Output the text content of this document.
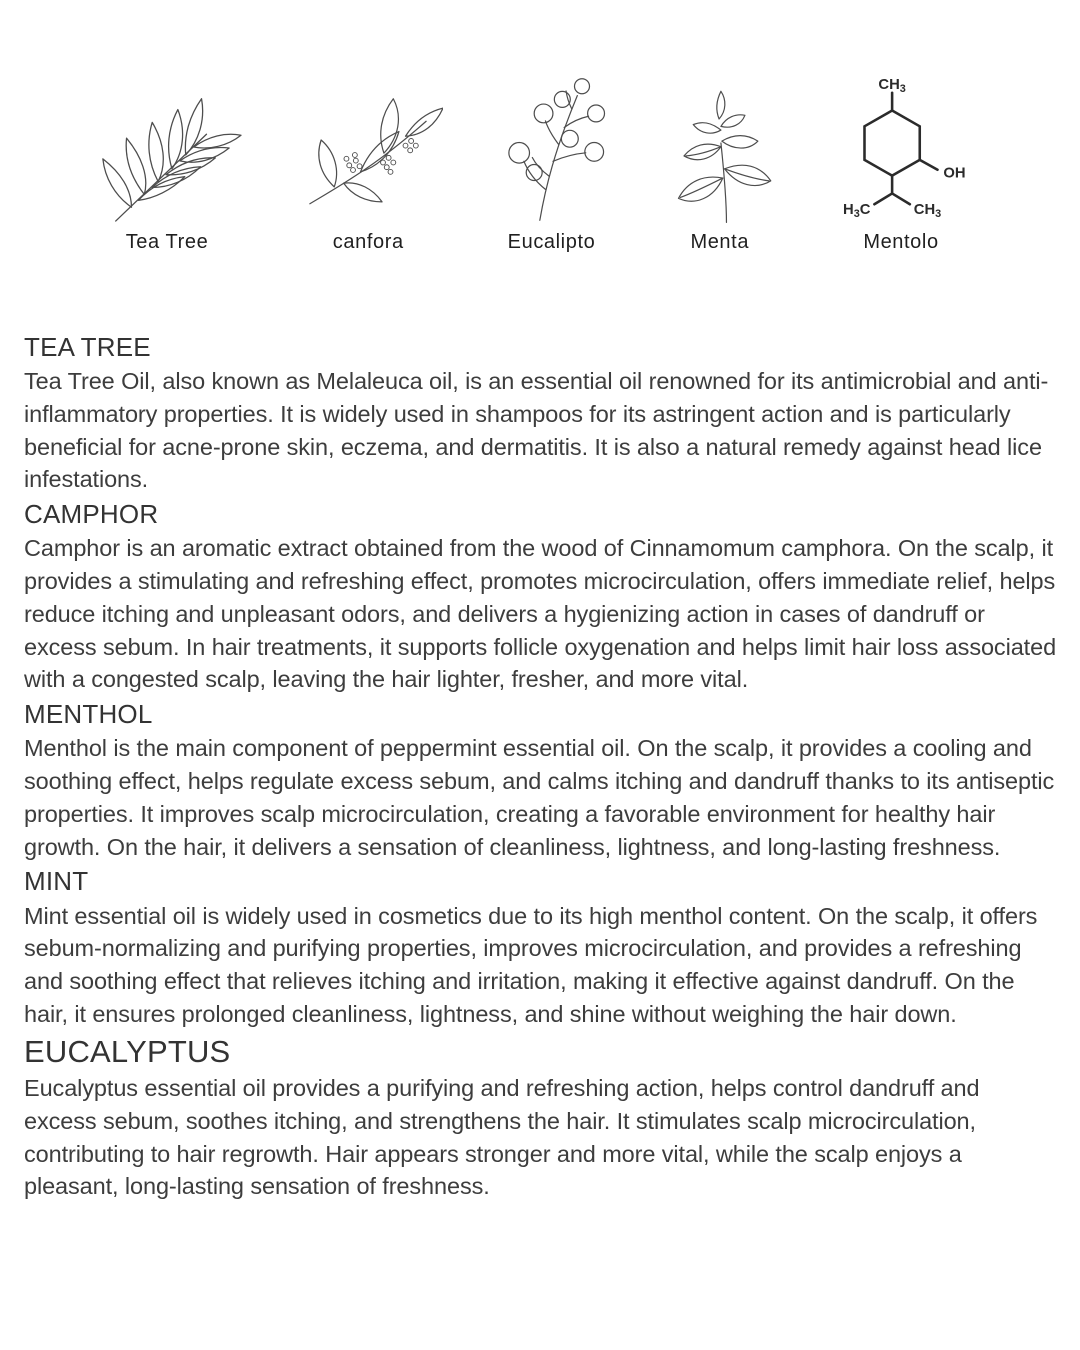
Tea Tree	canfora	Eucalipto	Menta
$CH_3$
OH
$H_3C$	$CH_3$
Mentolo
TEA TREE

Tea Tree Oil, also known as Melaleuca oil, is an essential oil renowned for its antimicrobial and anti-inflammatory properties. It is widely used in shampoos for its astringent action and is particularly beneficial for acne-prone skin, eczema, and dermatitis. It is also a natural remedy against head lice infestations.

CAMPHOR

Camphor is an aromatic extract obtained from the wood of Cinnamomum camphora. On the scalp, it provides a stimulating and refreshing effect, promotes microcirculation, offers immediate relief, helps reduce itching and unpleasant odors, and delivers a hygienizing action in cases of dandruff or excess sebum. In hair treatments, it supports follicle oxygenation and helps limit hair loss associated with a congested scalp, leaving the hair lighter, fresher, and more vital.

MENTHOL

Menthol is the main component of peppermint essential oil. On the scalp, it provides a cooling and soothing effect, helps regulate excess sebum, and calms itching and dandruff thanks to its antiseptic properties. It improves scalp microcirculation, creating a favorable environment for healthy hair growth. On the hair, it delivers a sensation of cleanliness, lightness, and long-lasting freshness.

MINT

Mint essential oil is widely used in cosmetics due to its high menthol content. On the scalp, it offers sebum-normalizing and purifying properties, improves microcirculation, and provides a refreshing and soothing effect that relieves itching and irritation, making it effective against dandruff. On the hair, it ensures prolonged cleanliness, lightness, and shine without weighing the hair down.

EUCALYPTUS

Eucalyptus essential oil provides a purifying and refreshing action, helps control dandruff and excess sebum, soothes itching, and strengthens the hair. It stimulates scalp microcirculation, contributing to hair regrowth. Hair appears stronger and more vital, while the scalp enjoys a pleasant, long-lasting sensation of freshness.
